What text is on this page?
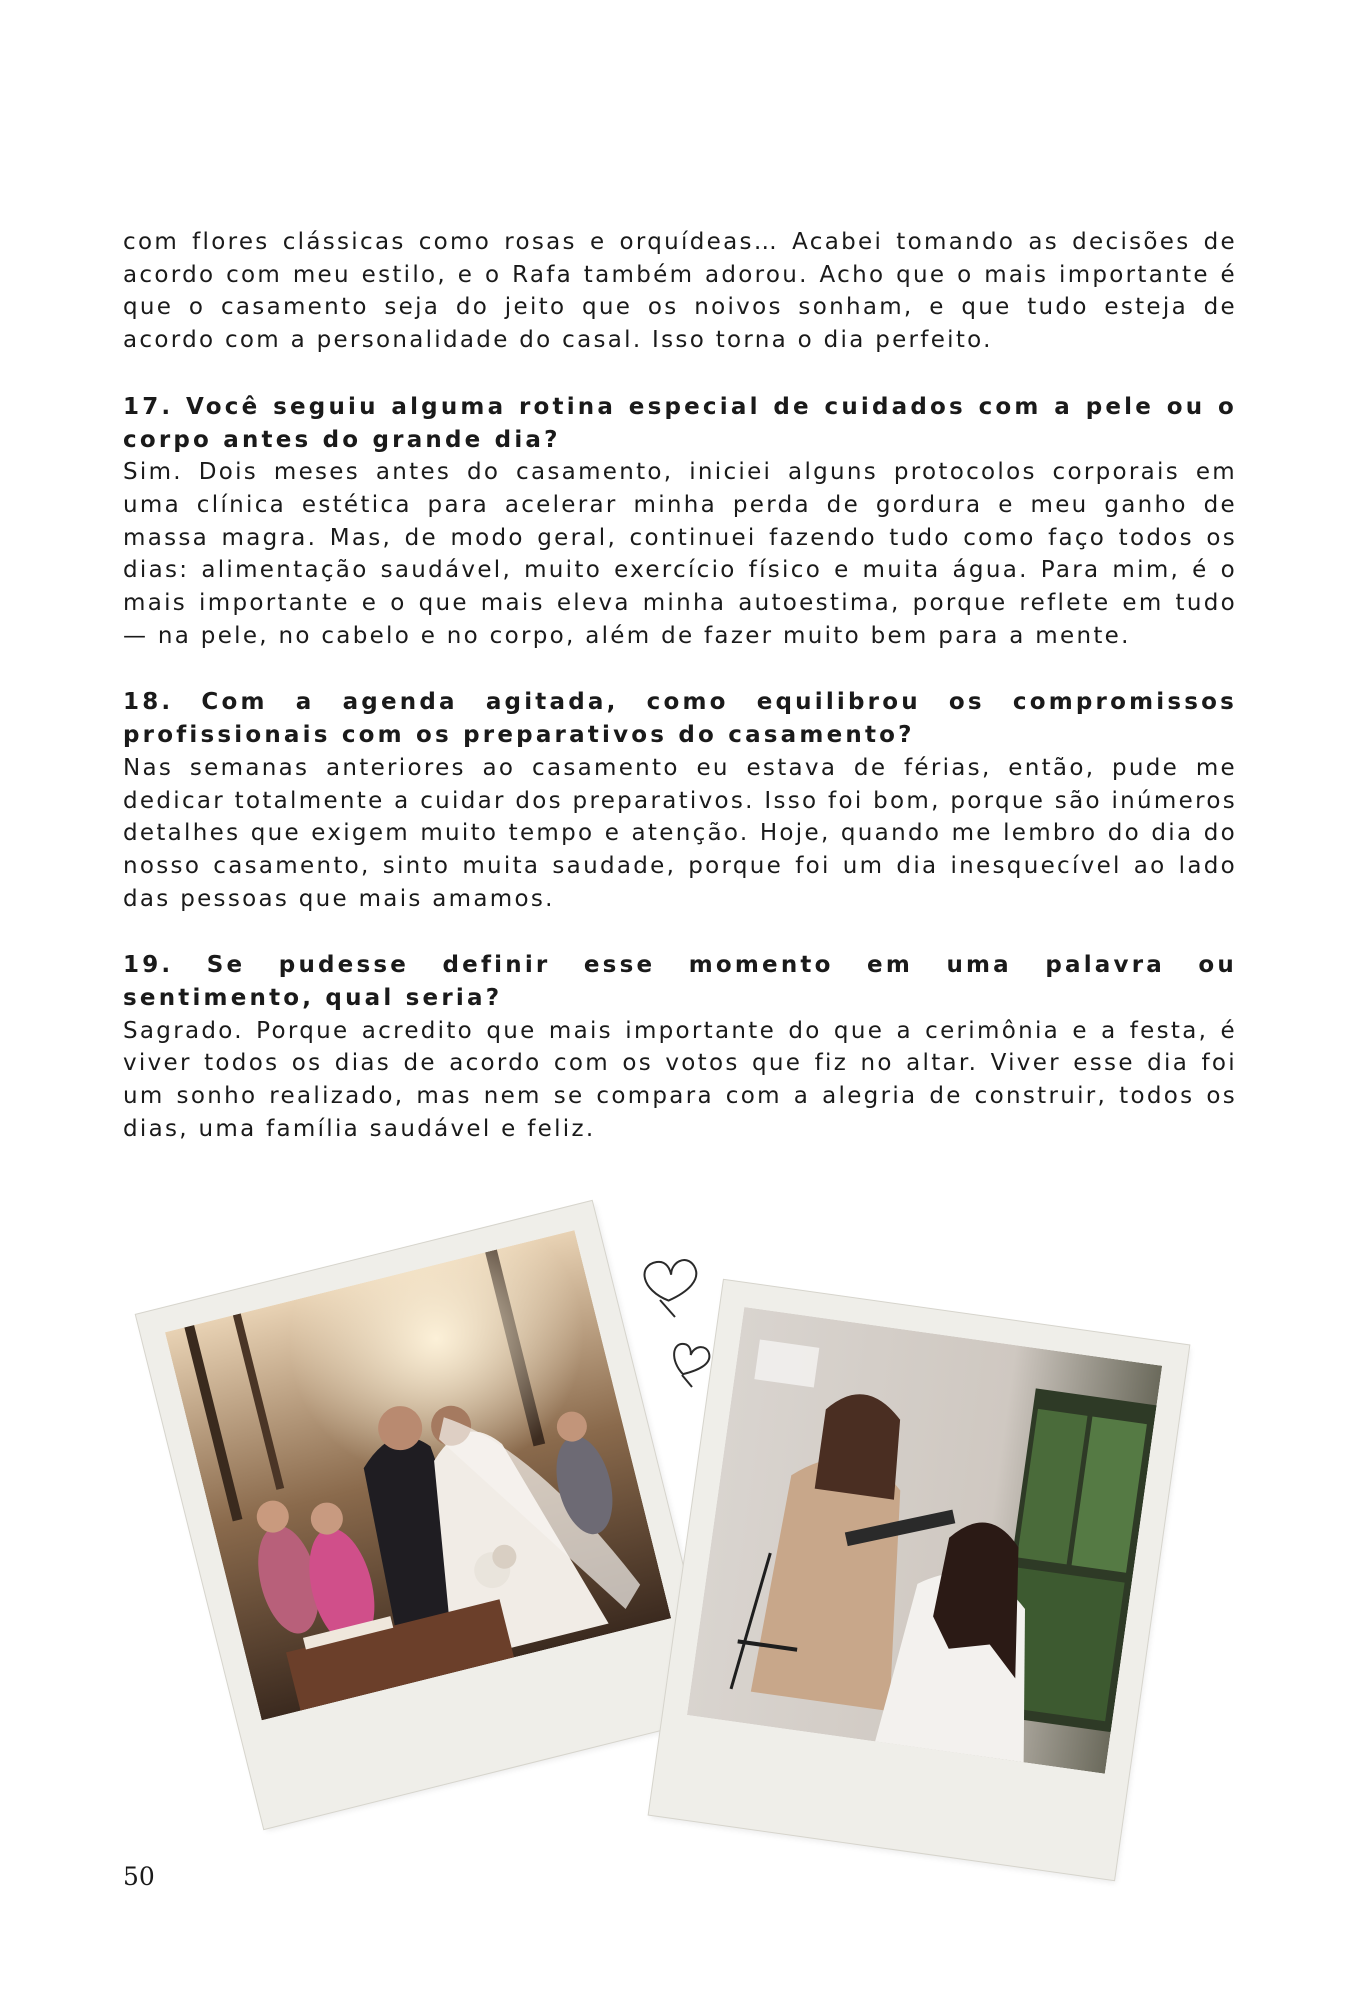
com flores clássicas como rosas e orquídeas… Acabei tomando as decisões de acordo com meu estilo, e o Rafa também adorou. Acho que o mais importante é que o casamento seja do jeito que os noivos sonham, e que tudo esteja de acordo com a personalidade do casal. Isso torna o dia perfeito.

17. Você seguiu alguma rotina especial de cuidados com a pele ou o corpo antes do grande dia?

Sim. Dois meses antes do casamento, iniciei alguns protocolos corporais em uma clínica estética para acelerar minha perda de gordura e meu ganho de massa magra. Mas, de modo geral, continuei fazendo tudo como faço todos os dias: alimentação saudável, muito exercício físico e muita água. Para mim, é o mais importante e o que mais eleva minha autoestima, porque reflete em tudo — na pele, no cabelo e no corpo, além de fazer muito bem para a mente.

18. Com a agenda agitada, como equilibrou os compromissos profissionais com os preparativos do casamento?

Nas semanas anteriores ao casamento eu estava de férias, então, pude me dedicar totalmente a cuidar dos preparativos. Isso foi bom, porque são inúmeros detalhes que exigem muito tempo e atenção. Hoje, quando me lembro do dia do nosso casamento, sinto muita saudade, porque foi um dia inesquecível ao lado das pessoas que mais amamos.

19. Se pudesse definir esse momento em uma palavra ou sentimento, qual seria?

Sagrado. Porque acredito que mais importante do que a cerimônia e a festa, é viver todos os dias de acordo com os votos que fiz no altar. Viver esse dia foi um sonho realizado, mas nem se compara com a alegria de construir, todos os dias, uma família saudável e feliz.

50
